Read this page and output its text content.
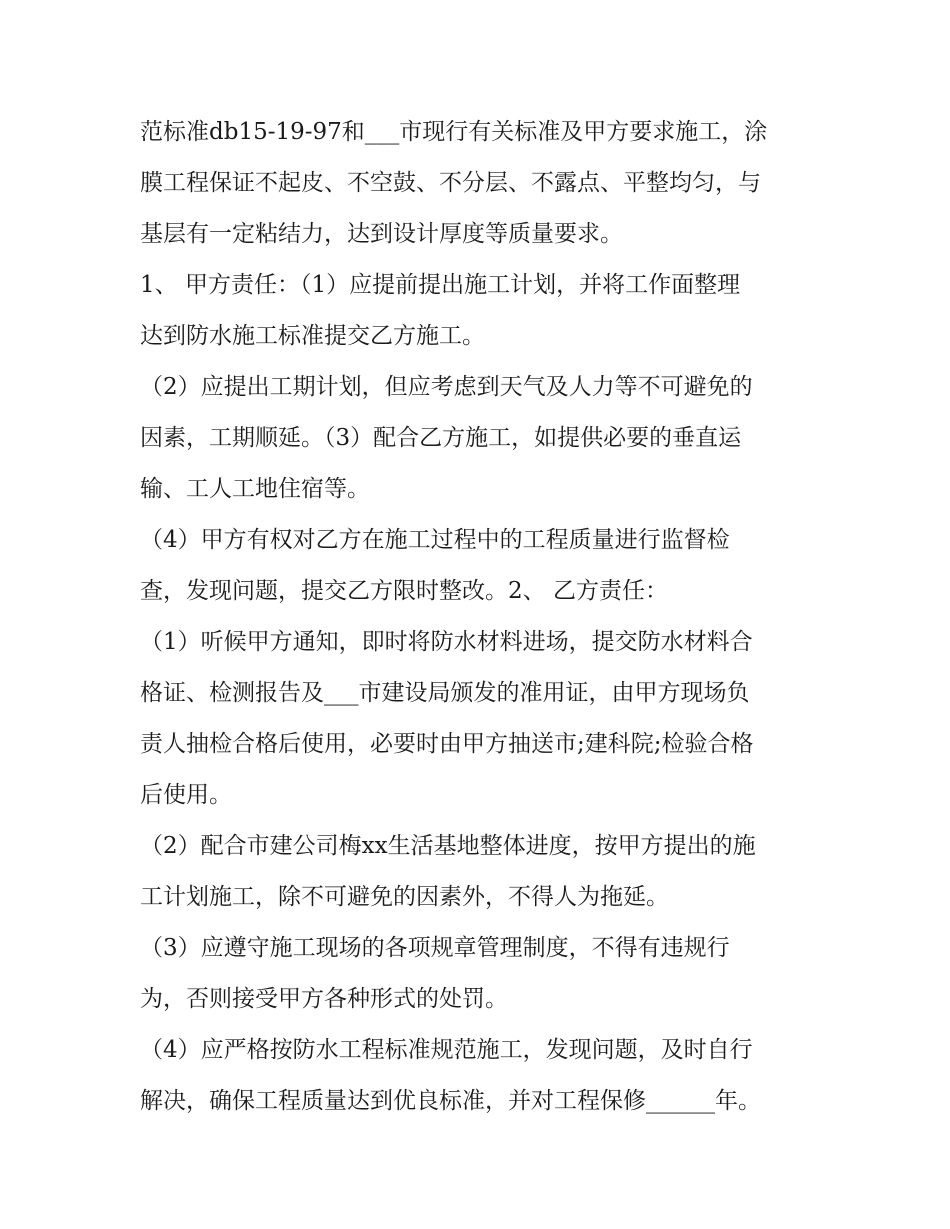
范标准db15-19-97和___市现行有关标准及甲方要求施工，涂
膜工程保证不起皮、不空鼓、不分层、不露点、平整均匀，与
基层有一定粘结力，达到设计厚度等质量要求。
1、 甲方责任：（1）应提前提出施工计划，并将工作面整理
达到防水施工标准提交乙方施工。
（2）应提出工期计划，但应考虑到天气及人力等不可避免的
因素，工期顺延。（3）配合乙方施工，如提供必要的垂直运
输、工人工地住宿等。
（4）甲方有权对乙方在施工过程中的工程质量进行监督检
查，发现问题，提交乙方限时整改。2、 乙方责任：
（1）听候甲方通知，即时将防水材料进场，提交防水材料合
格证、检测报告及___市建设局颁发的准用证，由甲方现场负
责人抽检合格后使用，必要时由甲方抽送市;建科院;检验合格
后使用。
（2）配合市建公司梅xx生活基地整体进度，按甲方提出的施
工计划施工，除不可避免的因素外，不得人为拖延。
（3）应遵守施工现场的各项规章管理制度，不得有违规行
为，否则接受甲方各种形式的处罚。
（4）应严格按防水工程标准规范施工，发现问题，及时自行
解决，确保工程质量达到优良标准，并对工程保修______年。
